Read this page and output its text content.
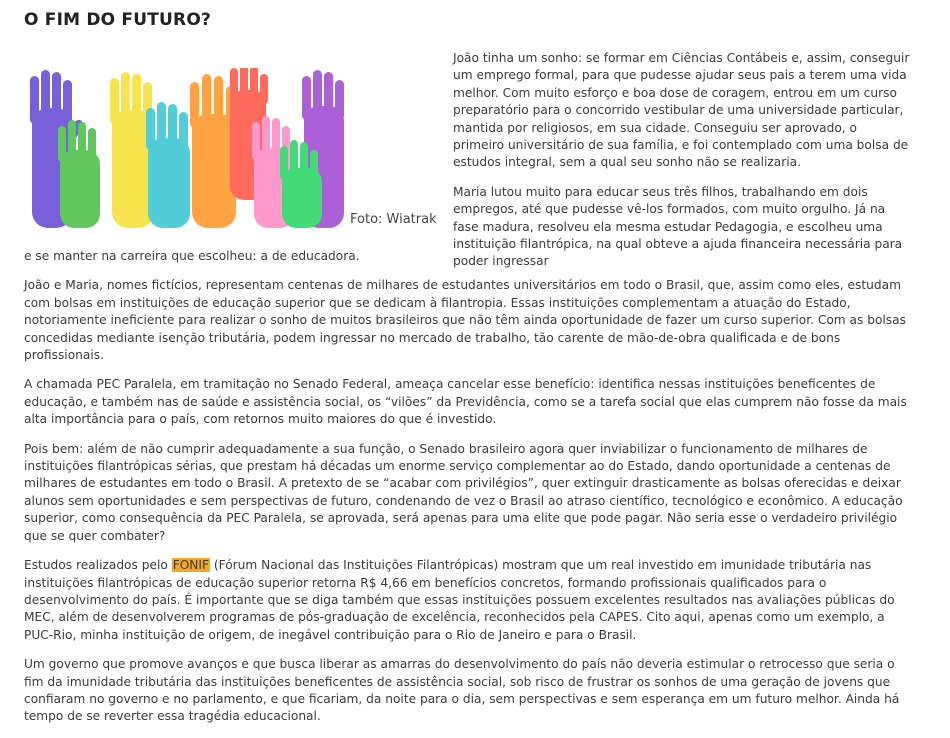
O FIM DO FUTURO?
Foto: Wiatrak

João tinha um sonho: se formar em Ciências Contábeis e, assim, conseguir um emprego formal, para que pudesse ajudar seus pais a terem uma vida melhor. Com muito esforço e boa dose de coragem, entrou em um curso preparatório para o concorrido vestibular de uma universidade particular, mantida por religiosos, em sua cidade. Conseguiu ser aprovado, o primeiro universitário de sua família, e foi contemplado com uma bolsa de estudos integral, sem a qual seu sonho não se realizaria.

Maria lutou muito para educar seus três filhos, trabalhando em dois empregos, até que pudesse vê-los formados, com muito orgulho. Já na fase madura, resolveu ela mesma estudar Pedagogia, e escolheu uma instituição filantrópica, na qual obteve a ajuda financeira necessária para poder ingressar

e se manter na carreira que escolheu: a de educadora.

João e Maria, nomes fictícios, representam centenas de milhares de estudantes universitários em todo o Brasil, que, assim como eles, estudam com bolsas em instituições de educação superior que se dedicam à filantropia. Essas instituições complementam a atuação do Estado, notoriamente ineficiente para realizar o sonho de muitos brasileiros que não têm ainda oportunidade de fazer um curso superior. Com as bolsas concedidas mediante isenção tributária, podem ingressar no mercado de trabalho, tão carente de mão-de-obra qualificada e de bons profissionais.

A chamada PEC Paralela, em tramitação no Senado Federal, ameaça cancelar esse benefício: identifica nessas instituições beneficentes de educação, e também nas de saúde e assistência social, os “vilões” da Previdência, como se a tarefa social que elas cumprem não fosse da mais alta importância para o país, com retornos muito maiores do que é investido.

Pois bem: além de não cumprir adequadamente a sua função, o Senado brasileiro agora quer inviabilizar o funcionamento de milhares de instituições filantrópicas sérias, que prestam há décadas um enorme serviço complementar ao do Estado, dando oportunidade a centenas de milhares de estudantes em todo o Brasil. A pretexto de se “acabar com privilégios”, quer extinguir drasticamente as bolsas oferecidas e deixar alunos sem oportunidades e sem perspectivas de futuro, condenando de vez o Brasil ao atraso científico, tecnológico e econômico. A educação superior, como consequência da PEC Paralela, se aprovada, será apenas para uma elite que pode pagar. Não seria esse o verdadeiro privilégio que se quer combater?

Estudos realizados pelo FONIF (Fórum Nacional das Instituições Filantrópicas) mostram que um real investido em imunidade tributária nas instituições filantrópicas de educação superior retorna R$ 4,66 em benefícios concretos, formando profissionais qualificados para o desenvolvimento do país. É importante que se diga também que essas instituições possuem excelentes resultados nas avaliações públicas do MEC, além de desenvolverem programas de pós-graduação de excelência, reconhecidos pela CAPES. Cito aqui, apenas como um exemplo, a PUC-Rio, minha instituição de origem, de inegável contribuição para o Rio de Janeiro e para o Brasil.

Um governo que promove avanços e que busca liberar as amarras do desenvolvimento do país não deveria estimular o retrocesso que seria o fim da imunidade tributária das instituições beneficentes de assistência social, sob risco de frustrar os sonhos de uma geração de jovens que confiaram no governo e no parlamento, e que ficariam, da noite para o dia, sem perspectivas e sem esperança em um futuro melhor. Ainda há tempo de se reverter essa tragédia educacional.
